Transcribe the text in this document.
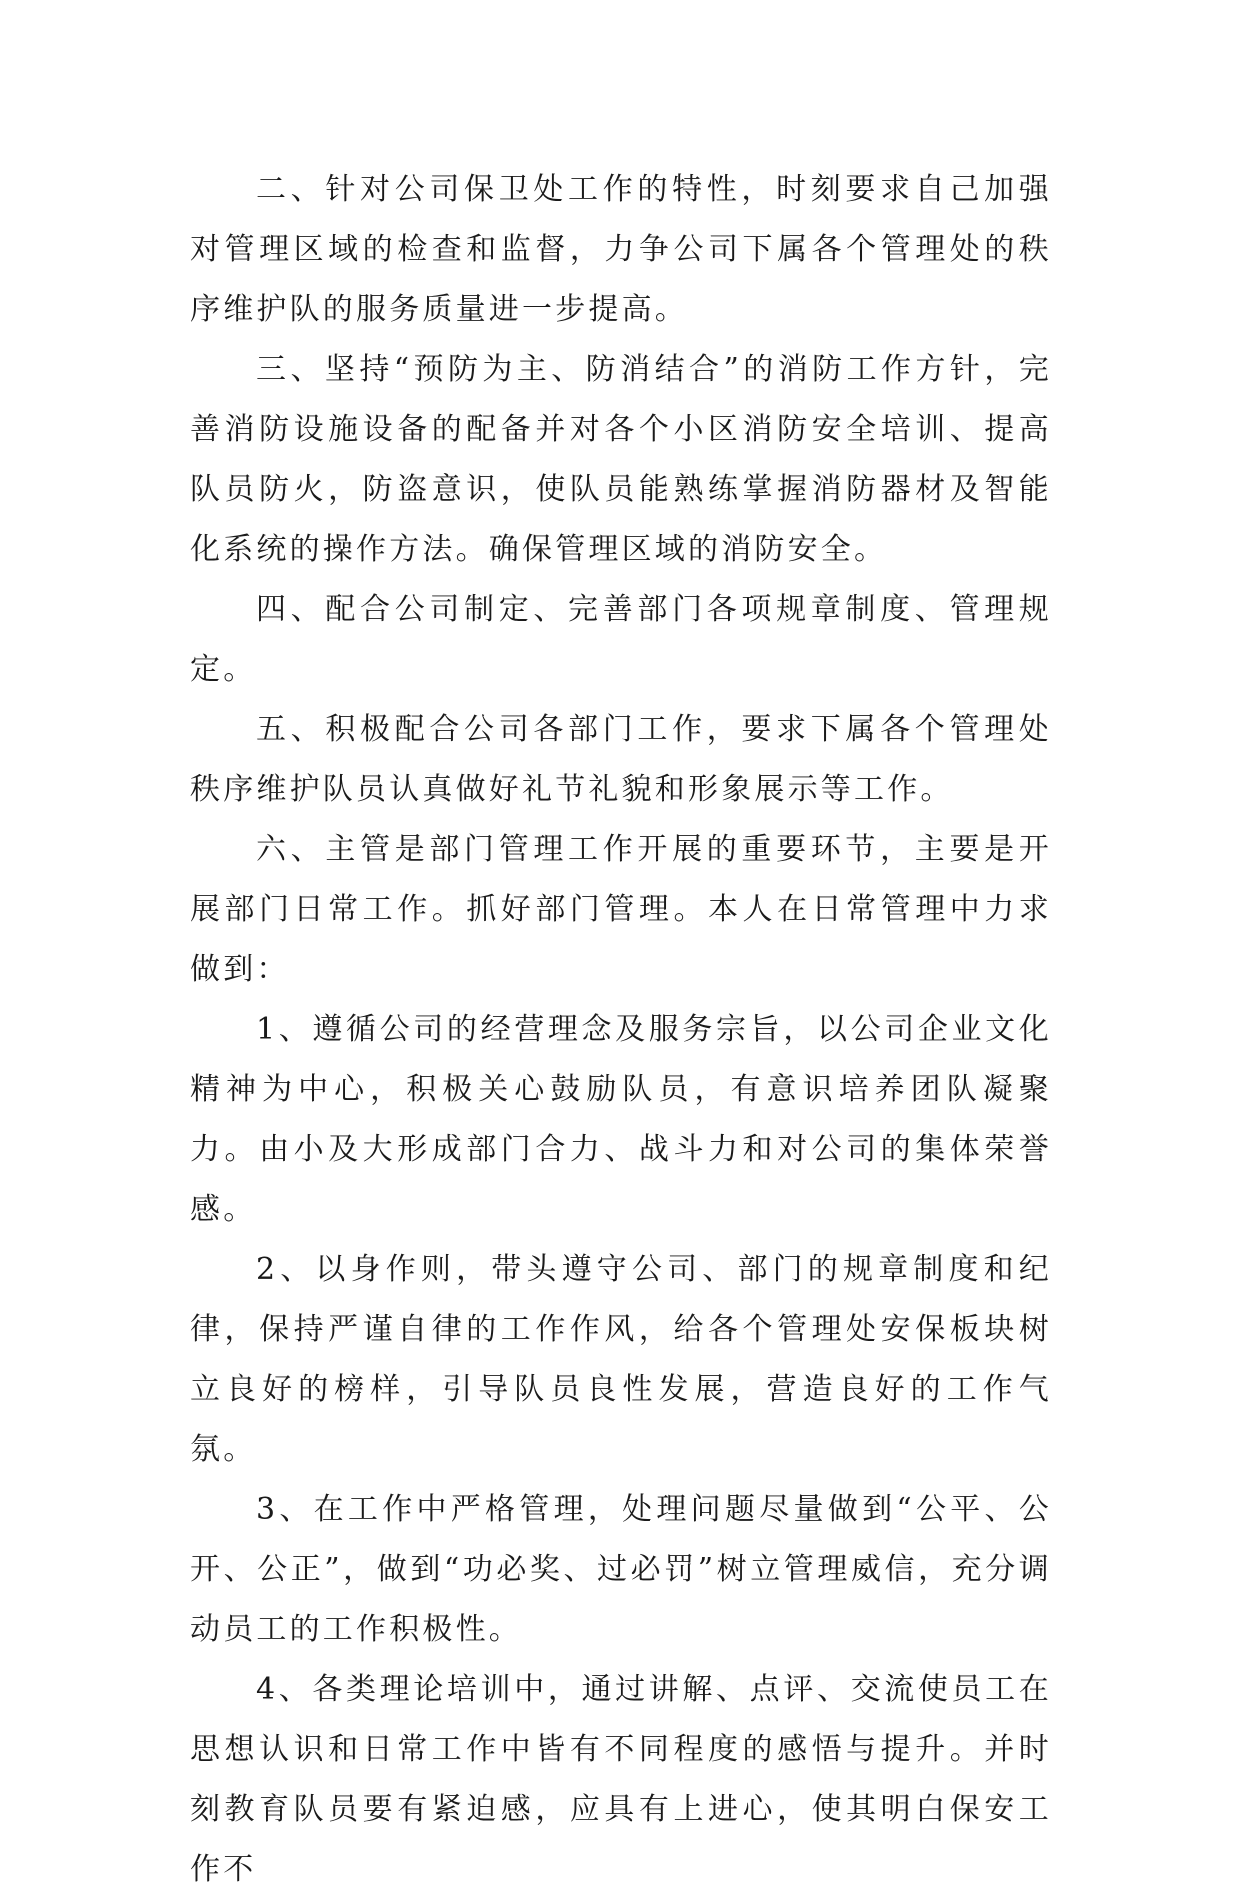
二、针对公司保卫处工作的特性，时刻要求自己加强对管理区域的检查和监督，力争公司下属各个管理处的秩序维护队的服务质量进一步提高。

三、坚持“预防为主、防消结合”的消防工作方针，完善消防设施设备的配备并对各个小区消防安全培训、提高队员防火，防盗意识，使队员能熟练掌握消防器材及智能化系统的操作方法。确保管理区域的消防安全。

四、配合公司制定、完善部门各项规章制度、管理规定。

五、积极配合公司各部门工作，要求下属各个管理处秩序维护队员认真做好礼节礼貌和形象展示等工作。

六、主管是部门管理工作开展的重要环节，主要是开展部门日常工作。抓好部门管理。本人在日常管理中力求做到：

1、遵循公司的经营理念及服务宗旨，以公司企业文化精神为中心，积极关心鼓励队员，有意识培养团队凝聚力。由小及大形成部门合力、战斗力和对公司的集体荣誉感。

2、以身作则，带头遵守公司、部门的规章制度和纪律，保持严谨自律的工作作风，给各个管理处安保板块树立良好的榜样，引导队员良性发展，营造良好的工作气氛。

3、在工作中严格管理，处理问题尽量做到“公平、公开、公正”，做到“功必奖、过必罚”树立管理威信，充分调动员工的工作积极性。

4、各类理论培训中，通过讲解、点评、交流使员工在思想认识和日常工作中皆有不同程度的感悟与提升。并时刻教育队员要有紧迫感，应具有上进心，使其明白保安工作不
